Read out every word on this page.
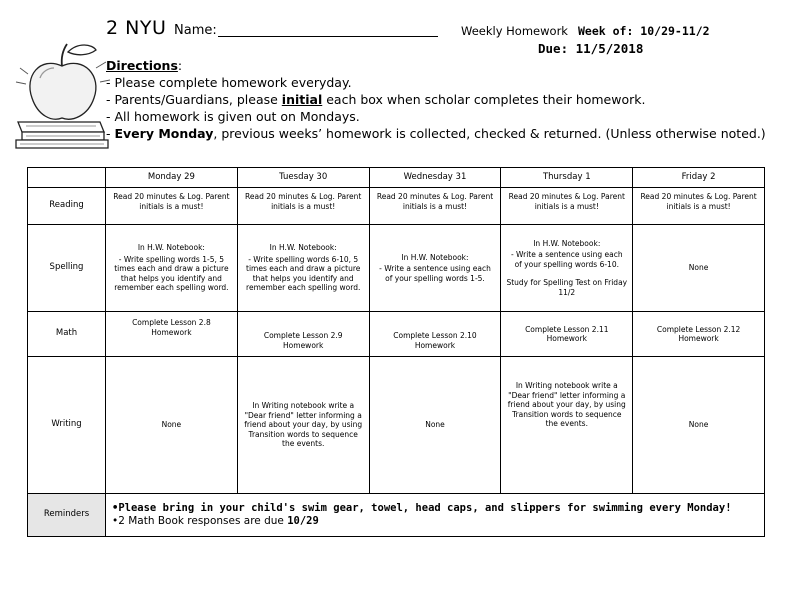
2 NYU Name:	Weekly Homework Week of: 10/29-11/2
Due: 11/5/2018
Directions:
- Please complete homework everyday.
- Parents/Guardians, please initial each box when scholar completes their homework.
- All homework is given out on Mondays.
- Every Monday, previous weeks’ homework is collected, checked & returned. (Unless otherwise noted.)
	Monday 29	Tuesday 30	Wednesday 31	Thursday 1	Friday 2
Reading	Read 20 minutes & Log. Parent initials is a must!	Read 20 minutes & Log. Parent initials is a must!	Read 20 minutes & Log. Parent initials is a must!	Read 20 minutes & Log. Parent initials is a must!	Read 20 minutes & Log. Parent initials is a must!
Spelling	In H.W. Notebook:
- Write spelling words 1-5, 5 times each and draw a picture that helps you identify and remember each spelling word.	In H.W. Notebook:
- Write spelling words 6-10, 5 times each and draw a picture that helps you identify and remember each spelling word.	In H.W. Notebook:
- Write a sentence using each of your spelling words 1-5.	In H.W. Notebook:
- Write a sentence using each of your spelling words 6-10.
Study for Spelling Test on Friday 11/2	None
Math	Complete Lesson 2.8 Homework	Complete Lesson 2.9 Homework	Complete Lesson 2.10 Homework	Complete Lesson 2.11 Homework	Complete Lesson 2.12 Homework
Writing	None	In Writing notebook write a "Dear friend" letter informing a friend about your day, by using Transition words to sequence the events.	None	In Writing notebook write a "Dear friend" letter informing a friend about your day, by using Transition words to sequence the events.	None
Reminders	•Please bring in your child's swim gear, towel, head caps, and slippers for swimming every Monday!
•2 Math Book responses are due 10/29				
